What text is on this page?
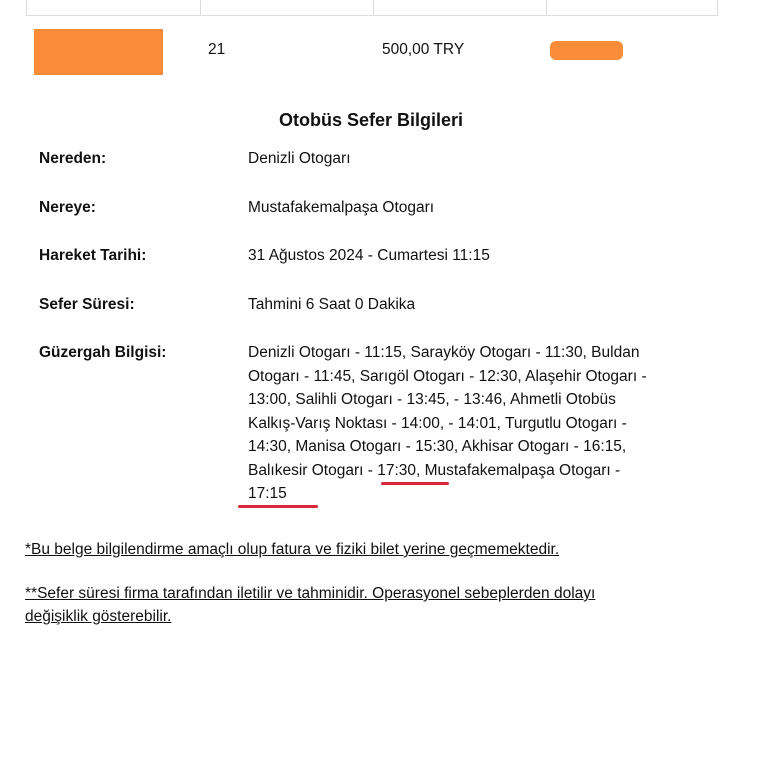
21	500,00 TRY
Otobüs Sefer Bilgileri
Nereden:	Denizli Otogarı
Nereye:	Mustafakemalpaşa Otogarı
Hareket Tarihi:	31 Ağustos 2024 - Cumartesi 11:15
Sefer Süresi:	Tahmini 6 Saat 0 Dakika
Güzergah Bilgisi:	Denizli Otogarı - 11:15, Sarayköy Otogarı - 11:30, Buldan
Otogarı - 11:45, Sarıgöl Otogarı - 12:30, Alaşehir Otogarı -
13:00, Salihli Otogarı - 13:45, - 13:46, Ahmetli Otobüs
Kalkış-Varış Noktası - 14:00, - 14:01, Turgutlu Otogarı -
14:30, Manisa Otogarı - 15:30, Akhisar Otogarı - 16:15,
Balıkesir Otogarı - 17:30, Mustafakemalpaşa Otogarı -
17:15
*Bu belge bilgilendirme amaçlı olup fatura ve fiziki bilet yerine geçmemektedir.
**Sefer süresi firma tarafından iletilir ve tahminidir. Operasyonel sebeplerden dolayı
değişiklik gösterebilir.
